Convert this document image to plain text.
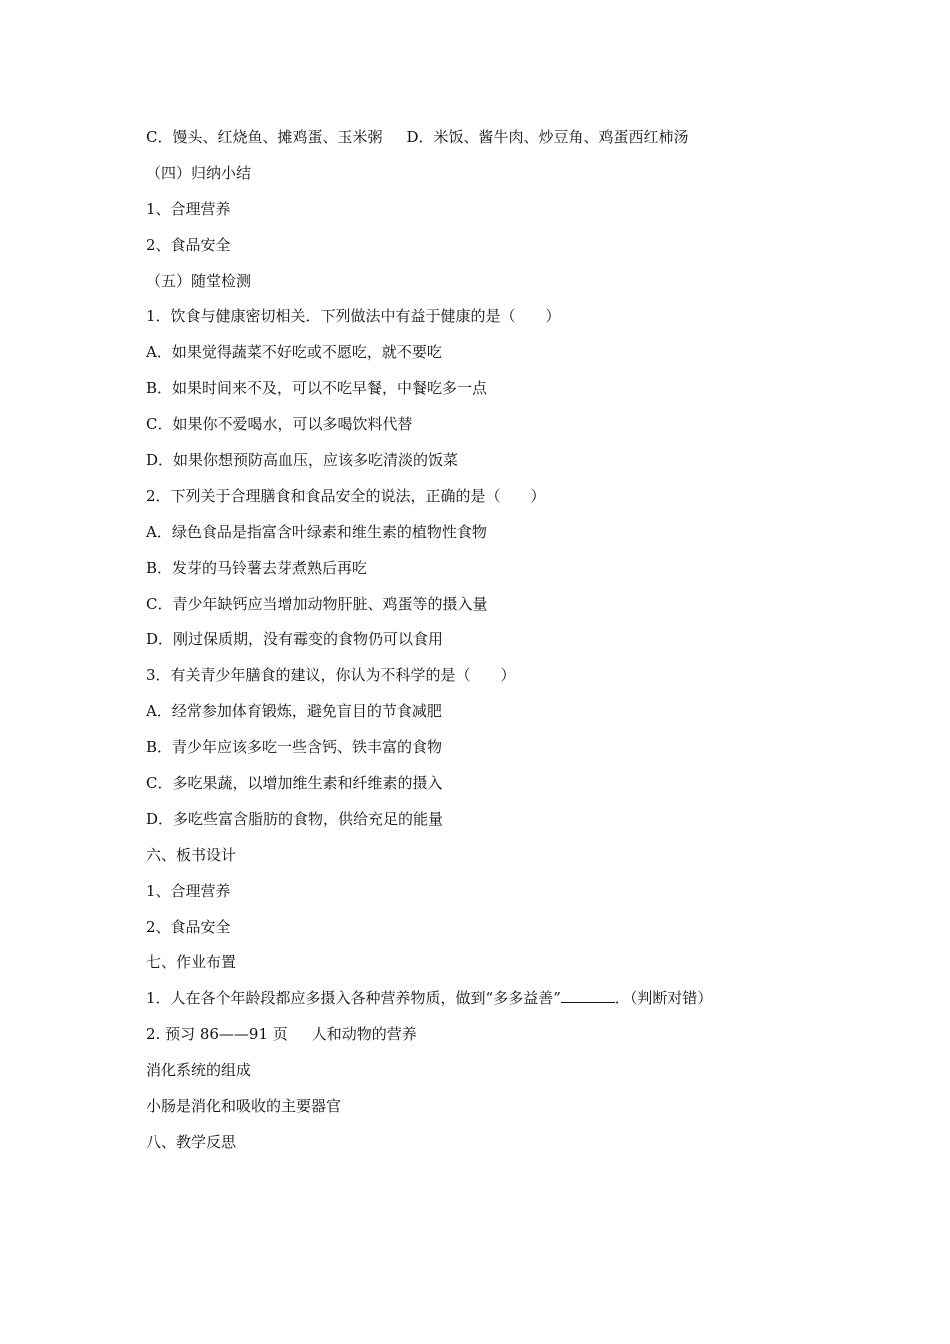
C．馒头、红烧鱼、摊鸡蛋、玉米粥 D．米饭、酱牛肉、炒豆角、鸡蛋西红柿汤
（四）归纳小结
1、合理营养
2、食品安全
（五）随堂检测
1．饮食与健康密切相关．下列做法中有益于健康的是（　　）
A．如果觉得蔬菜不好吃或不愿吃，就不要吃
B．如果时间来不及，可以不吃早餐，中餐吃多一点
C．如果你不爱喝水，可以多喝饮料代替
D．如果你想预防高血压，应该多吃清淡的饭菜
2．下列关于合理膳食和食品安全的说法，正确的是（　　）
A．绿色食品是指富含叶绿素和维生素的植物性食物
B．发芽的马铃薯去芽煮熟后再吃
C．青少年缺钙应当增加动物肝脏、鸡蛋等的摄入量
D．刚过保质期，没有霉变的食物仍可以食用
3．有关青少年膳食的建议，你认为不科学的是（　　）
A．经常参加体育锻炼，避免盲目的节食减肥
B．青少年应该多吃一些含钙、铁丰富的食物
C．多吃果蔬，以增加维生素和纤维素的摄入
D．多吃些富含脂肪的食物，供给充足的能量
六、板书设计
1、合理营养
2、食品安全
七、作业布置
1．人在各个年龄段都应多摄入各种营养物质，做到“多多益善”	．（判断对错）
2. 预习 86——91 页 人和动物的营养
消化系统的组成
小肠是消化和吸收的主要器官
八、教学反思
